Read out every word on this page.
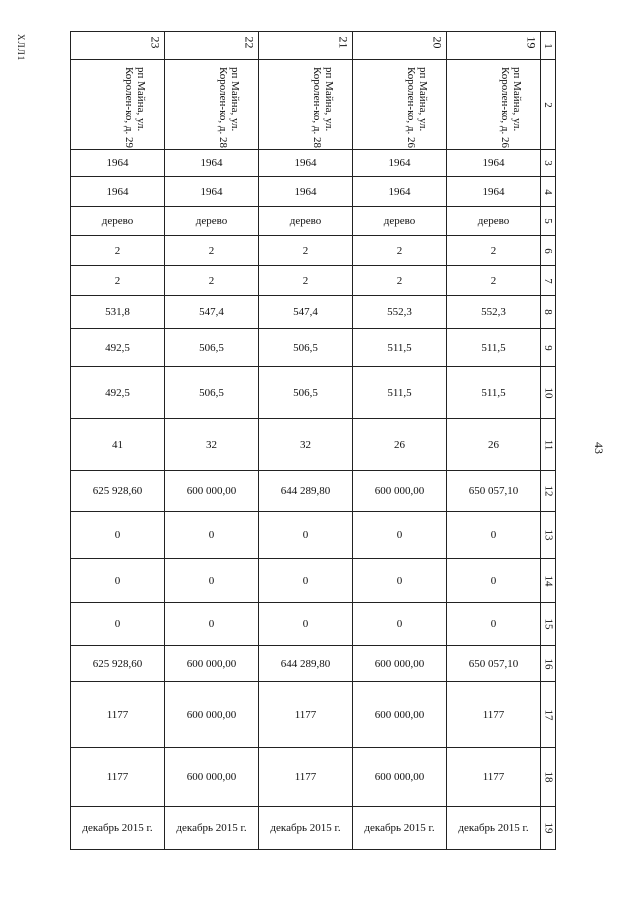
ХЛЛ1
43
23	22	21	20	19	1

рп Майна, ул. Королен-ко, д. 29	рп Майна, ул. Королен-ко, д. 28	рп Майна, ул. Королен-ко, д. 28	рп Майна, ул. Королен-ко, д. 26	рп Майна, ул. Королен-ко, д. 26	2
1964	1964	1964	1964	1964	3
1964	1964	1964	1964	1964	4
дерево	дерево	дерево	дерево	дерево	5
2	2	2	2	2	6
2	2	2	2	2	7
531,8	547,4	547,4	552,3	552,3	8
492,5	506,5	506,5	511,5	511,5	9
492,5	506,5	506,5	511,5	511,5	10
41	32	32	26	26	11
625 928,60	600 000,00	644 289,80	600 000,00	650 057,10	12
0	0	0	0	0	13
0	0	0	0	0	14
0	0	0	0	0	15
625 928,60	600 000,00	644 289,80	600 000,00	650 057,10	16
1177	600 000,00	1177	600 000,00	1177	17
1177	600 000,00	1177	600 000,00	1177	18
декабрь 2015 г.	декабрь 2015 г.	декабрь 2015 г.	декабрь 2015 г.	декабрь 2015 г.	19
